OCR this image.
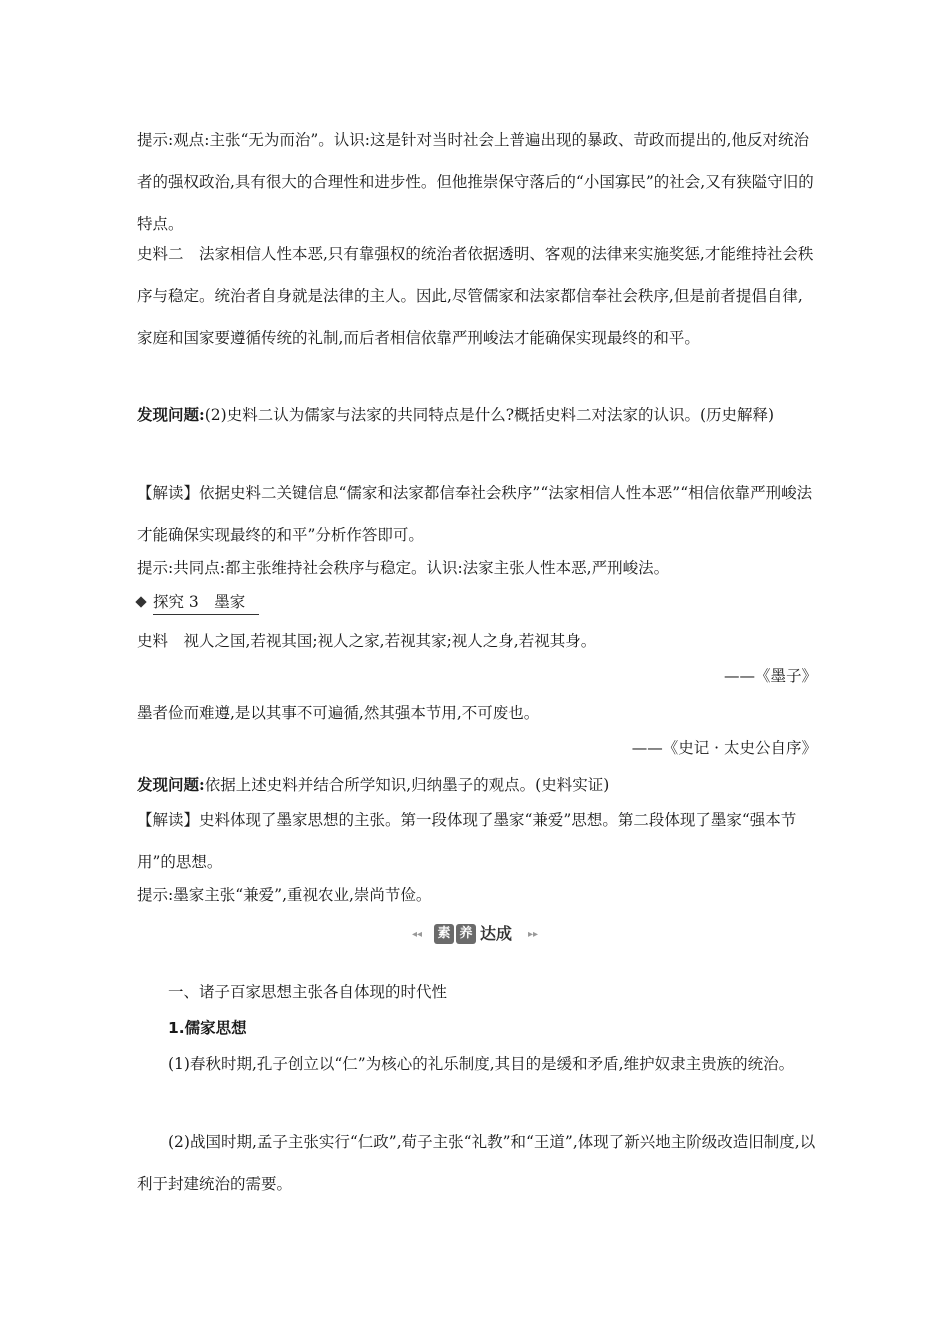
提示:观点:主张“无为而治”。认识:这是针对当时社会上普遍出现的暴政、苛政而提出的,他反对统治者的强权政治,具有很大的合理性和进步性。但他推崇保守落后的“小国寡民”的社会,又有狭隘守旧的特点。

史料二　法家相信人性本恶,只有靠强权的统治者依据透明、客观的法律来实施奖惩,才能维持社会秩序与稳定。统治者自身就是法律的主人。因此,尽管儒家和法家都信奉社会秩序,但是前者提倡自律,家庭和国家要遵循传统的礼制,而后者相信依靠严刑峻法才能确保实现最终的和平。

发现问题:(2)史料二认为儒家与法家的共同特点是什么?概括史料二对法家的认识。(历史解释)

【解读】依据史料二关键信息“儒家和法家都信奉社会秩序”“法家相信人性本恶”“相信依靠严刑峻法才能确保实现最终的和平”分析作答即可。

提示:共同点:都主张维持社会秩序与稳定。认识:法家主张人性本恶,严刑峻法。

探究 3　墨家

史料　视人之国,若视其国;视人之家,若视其家;视人之身,若视其身。

——《墨子》

墨者俭而难遵,是以其事不可遍循,然其强本节用,不可废也。

——《史记 · 太史公自序》

发现问题:依据上述史料并结合所学知识,归纳墨子的观点。(史料实证)

【解读】史料体现了墨家思想的主张。第一段体现了墨家“兼爱”思想。第二段体现了墨家“强本节用”的思想。

提示:墨家主张“兼爱”,重视农业,崇尚节俭。

◂◂ 素 养 达成 ▸▸

一、诸子百家思想主张各自体现的时代性

1.儒家思想

(1)春秋时期,孔子创立以“仁”为核心的礼乐制度,其目的是缓和矛盾,维护奴隶主贵族的统治。

(2)战国时期,孟子主张实行“仁政”,荀子主张“礼教”和“王道”,体现了新兴地主阶级改造旧制度,以利于封建统治的需要。
